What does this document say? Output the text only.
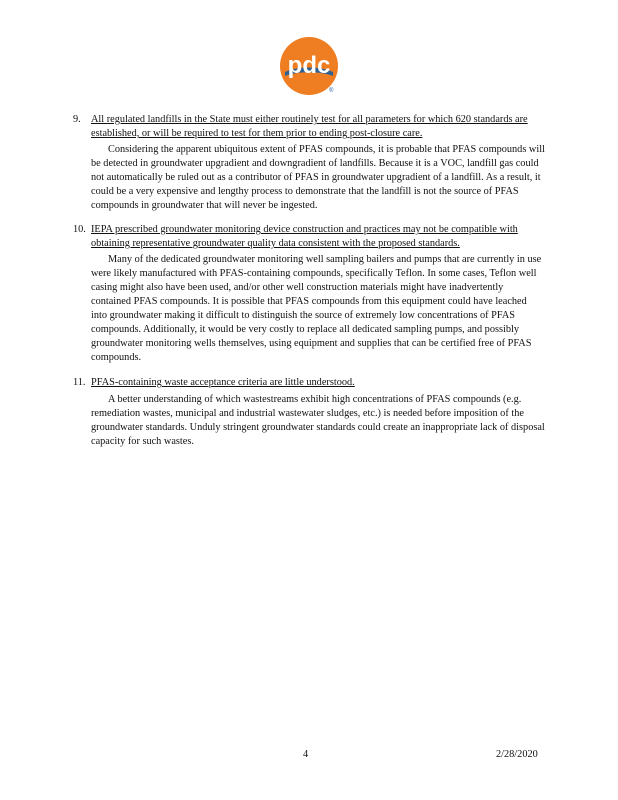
pdc
®
9. All regulated landfills in the State must either routinely test for all parameters for which 620 standards are established, or will be required to test for them prior to ending post-closure care.
Considering the apparent ubiquitous extent of PFAS compounds, it is probable that PFAS compounds will be detected in groundwater upgradient and downgradient of landfills. Because it is a VOC, landfill gas could not automatically be ruled out as a contributor of PFAS in groundwater upgradient of a landfill. As a result, it could be a very expensive and lengthy process to demonstrate that the landfill is not the source of PFAS compounds in groundwater that will never be ingested.
10. IEPA prescribed groundwater monitoring device construction and practices may not be compatible with obtaining representative groundwater quality data consistent with the proposed standards.
Many of the dedicated groundwater monitoring well sampling bailers and pumps that are currently in use were likely manufactured with PFAS-containing compounds, specifically Teflon. In some cases, Teflon well casing might also have been used, and/or other well construction materials might have inadvertently contained PFAS compounds. It is possible that PFAS compounds from this equipment could have leached into groundwater making it difficult to distinguish the source of extremely low concentrations of PFAS compounds. Additionally, it would be very costly to replace all dedicated sampling pumps, and possibly groundwater monitoring wells themselves, using equipment and supplies that can be certified free of PFAS compounds.
11. PFAS-containing waste acceptance criteria are little understood.
A better understanding of which wastestreams exhibit high concentrations of PFAS compounds (e.g. remediation wastes, municipal and industrial wastewater sludges, etc.) is needed before imposition of the groundwater standards. Unduly stringent groundwater standards could create an inappropriate lack of disposal capacity for such wastes.
4	2/28/2020
